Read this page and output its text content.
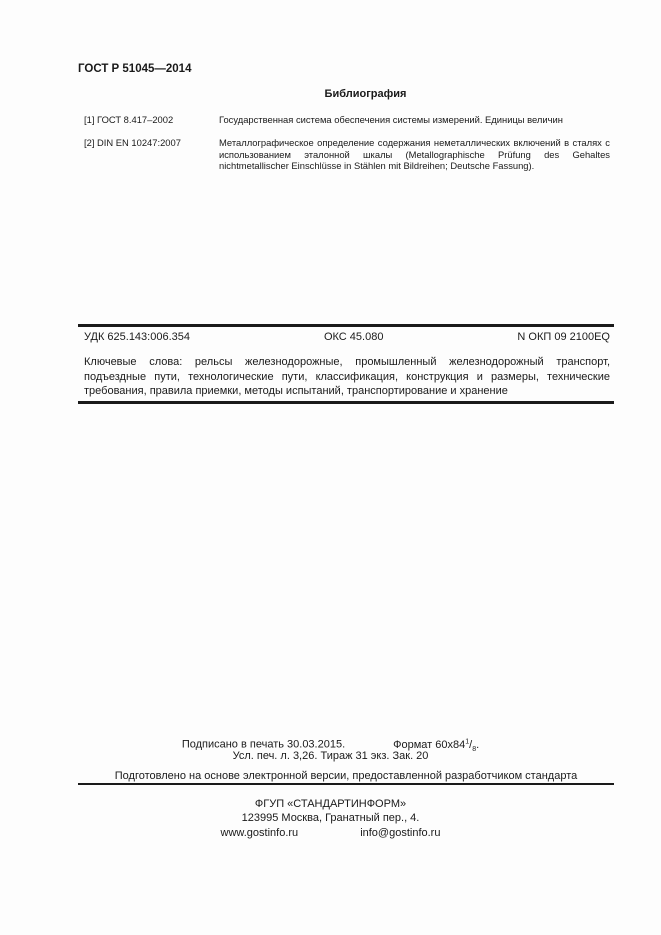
ГОСТ Р 51045—2014
Библиография
[1] ГОСТ 8.417–2002	Государственная система обеспечения системы измерений. Единицы величин
[2] DIN EN 10247:2007	Металлографическое определение содержания неметаллических включений в сталях с использованием эталонной шкалы (Metallographische Prüfung des Gehaltes nichtmetallischer Einschlüsse in Stählen mit Bildreihen; Deutsche Fassung).
УДК 625.143:006.354	ОКС 45.080	N ОКП 09 2100EQ
Ключевые слова: рельсы железнодорожные, промышленный железнодорожный транспорт, подъездные пути, технологические пути, классификация, конструкция и размеры, технические требования, правила приемки, методы испытаний, транспортирование и хранение
Подписано в печать 30.03.2015.	Формат $60x84^1/_8$.
Усл. печ. л. 3,26. Тираж 31 экз. Зак. 20
Подготовлено на основе электронной версии, предоставленной разработчиком стандарта
ФГУП «СТАНДАРТИНФОРМ»
123995 Москва, Гранатный пер., 4.
www.gostinfo.ru	info@gostinfo.ru
